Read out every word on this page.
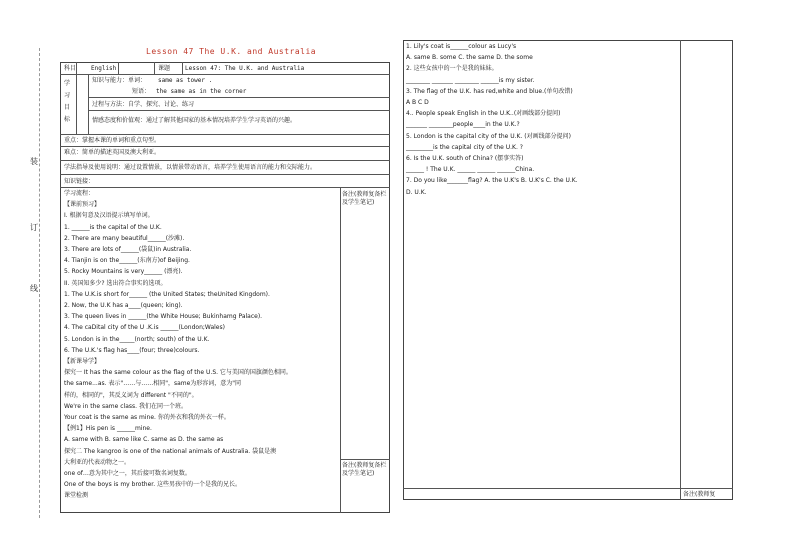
装
订
线
Lesson 47 The U.K. and Australia
科目 English	课题 Lesson 47: The U.K. and Australia
学
习
目
标
知识与能力：单词： same as tower .
短语： the same as in the corner
过程与方法：自学、探究、讨论、练习
情感态度和价值观：通过了解其他国家的基本情况培养学生学习英语的兴趣。
重点：掌握本课的单词和重点句型。
难点：简单的描述英国及澳大利亚。
学法指导及使用说明：通过设置情景，以情景带动语言，培养学生使用语言的能力和交际能力。
知识链接：
备注(教师复备栏及学生笔记)
备注(教师复备栏及学生笔记)
学习流程：
【课前预习】
I. 根据句意及汉语提示填写单词。
1. ______is the capital of the U.K.
2. There are many beautiful______(沙滩).
3. There are lots of______(袋鼠)in Australia.
4. Tianjin is on the______(东南方)of Beijing.
5. Rocky Mountains is very______ (漂亮).
II. 英国知多少? 选出符合事实的选项。
1. The U.K.is short for______ (the United States; theUnited Kingdom).
2. Now, the U.K has a____(queen; king).
3. The queen lives in ______(the White House; Bukinhamg Palace).
4. The caDital city of the U .K.is ______(London;Wales)
5. London is in the_____(north; south) of the U.K.
6. The U.K.'s flag has____(four; three)colours.
【新课导学】
探究一 It has the same colour as the flag of the U.S. 它与美国的国旗颜色相同。
the same...as. 表示"……与……相同"，same为形容词，意为"同
样的，相同的"，其反义词为 different "不同的"。
We're in the same class. 我们在同一个班。
Your coat is the same as mine. 你的外衣和我的外衣一样。
【例1】His pen is ______mine.
A. same with B. same like C. same as D. the same as
探究二 The kangroo is one of the national animals of Australia. 袋鼠是澳
大利亚的代表动物之一。
one of…意为其中之一，其后接可数名词复数。
One of the boys is my brother. 这些男孩中的一个是我的兄长。
课堂检测	备注(教师复
1. Lily's coat is______colour as Lucy's
A. same B. some C. the same D. the some
2. 这些女孩中的一个是我的妹妹。
________ _______ ________ ______is my sister.
3. The flag of the U.K. has red,white and blue.(单句改错)
A B C D
4.. People speak English in the U.K..(对画线部分提问)
_______ ________people____in the U.K.?
5. London is the capital city of the U.K. (对画线部分提问)
_________is the capital city of the U.K. ?
6. Is the U.K. south of China? (摆事实答)
______ ! The U.K. ______ ______ ______China.
7. Do you like_______flag? A. the U.K's B. U.K's C. the U.K.
D. U.K.
